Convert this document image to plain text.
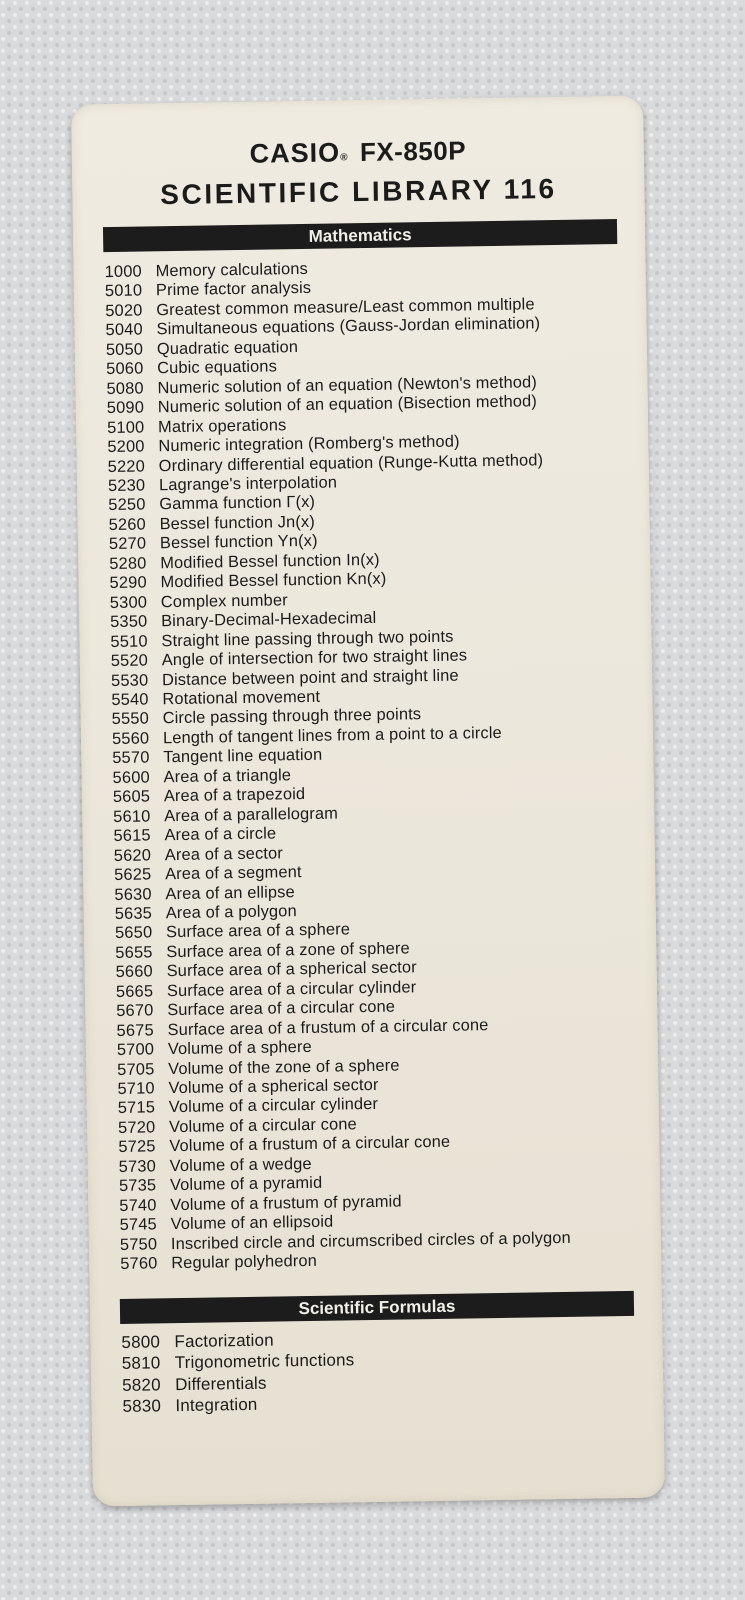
CASIO® FX-850P
SCIENTIFIC LIBRARY 116
Mathematics
1000 Memory calculations
5010 Prime factor analysis
5020 Greatest common measure/Least common multiple
5040 Simultaneous equations (Gauss-Jordan elimination)
5050 Quadratic equation
5060 Cubic equations
5080 Numeric solution of an equation (Newton's method)
5090 Numeric solution of an equation (Bisection method)
5100 Matrix operations
5200 Numeric integration (Romberg's method)
5220 Ordinary differential equation (Runge-Kutta method)
5230 Lagrange's interpolation
5250 Gamma function Γ(x)
5260 Bessel function Jn(x)
5270 Bessel function Yn(x)
5280 Modified Bessel function In(x)
5290 Modified Bessel function Kn(x)
5300 Complex number
5350 Binary-Decimal-Hexadecimal
5510 Straight line passing through two points
5520 Angle of intersection for two straight lines
5530 Distance between point and straight line
5540 Rotational movement
5550 Circle passing through three points
5560 Length of tangent lines from a point to a circle
5570 Tangent line equation
5600 Area of a triangle
5605 Area of a trapezoid
5610 Area of a parallelogram
5615 Area of a circle
5620 Area of a sector
5625 Area of a segment
5630 Area of an ellipse
5635 Area of a polygon
5650 Surface area of a sphere
5655 Surface area of a zone of sphere
5660 Surface area of a spherical sector
5665 Surface area of a circular cylinder
5670 Surface area of a circular cone
5675 Surface area of a frustum of a circular cone
5700 Volume of a sphere
5705 Volume of the zone of a sphere
5710 Volume of a spherical sector
5715 Volume of a circular cylinder
5720 Volume of a circular cone
5725 Volume of a frustum of a circular cone
5730 Volume of a wedge
5735 Volume of a pyramid
5740 Volume of a frustum of pyramid
5745 Volume of an ellipsoid
5750 Inscribed circle and circumscribed circles of a polygon
5760 Regular polyhedron
Scientific Formulas
5800 Factorization
5810 Trigonometric functions
5820 Differentials
5830 Integration
